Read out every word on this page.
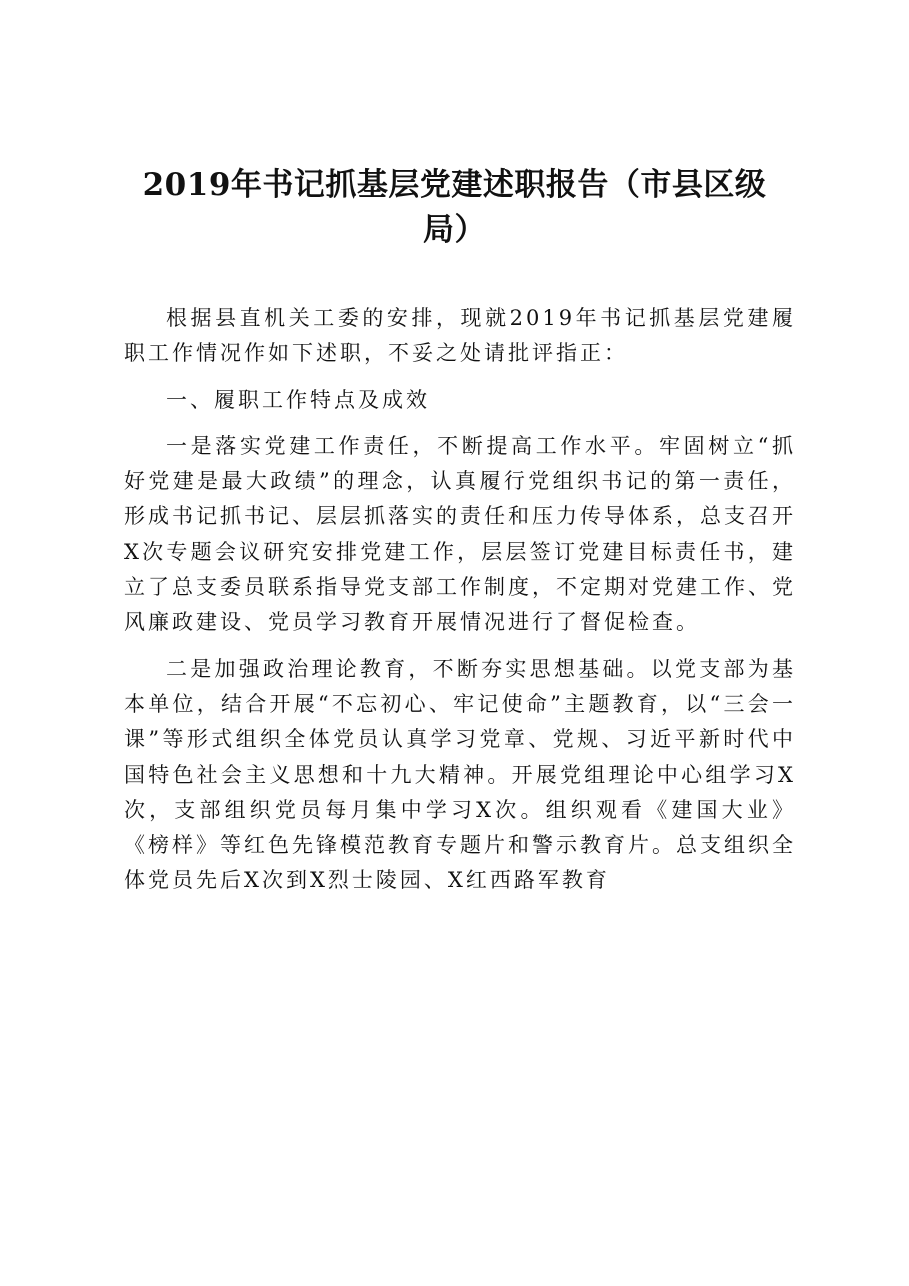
2019年书记抓基层党建述职报告（市县区级局）

根据县直机关工委的安排，现就2019年书记抓基层党建履职工作情况作如下述职，不妥之处请批评指正：

一、履职工作特点及成效

一是落实党建工作责任，不断提高工作水平。牢固树立“抓好党建是最大政绩”的理念，认真履行党组织书记的第一责任，形成书记抓书记、层层抓落实的责任和压力传导体系，总支召开X次专题会议研究安排党建工作，层层签订党建目标责任书，建立了总支委员联系指导党支部工作制度，不定期对党建工作、党风廉政建设、党员学习教育开展情况进行了督促检查。

二是加强政治理论教育，不断夯实思想基础。以党支部为基本单位，结合开展“不忘初心、牢记使命”主题教育，以“三会一课”等形式组织全体党员认真学习党章、党规、习近平新时代中国特色社会主义思想和十九大精神。开展党组理论中心组学习X次，支部组织党员每月集中学习X次。组织观看《建国大业》《榜样》等红色先锋模范教育专题片和警示教育片。总支组织全体党员先后X次到X烈士陵园、X红西路军教育
